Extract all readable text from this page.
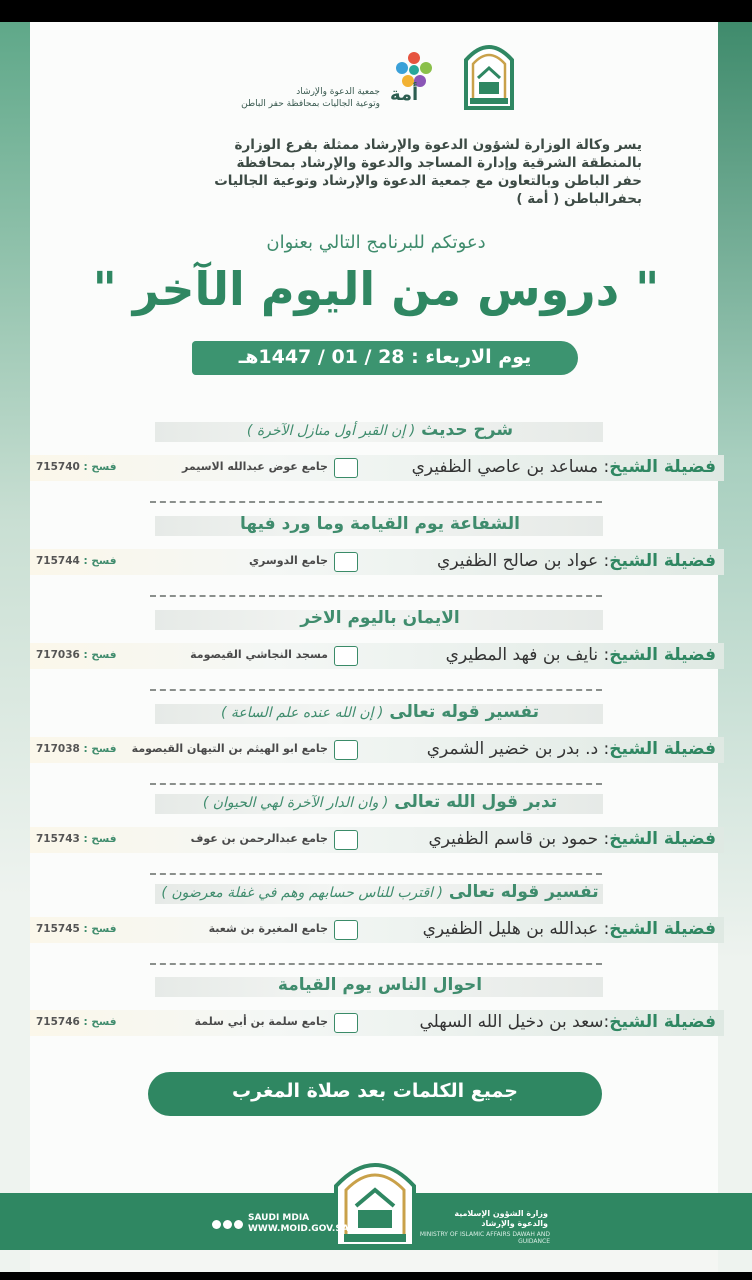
أمة
جمعية الدعوة والإرشاد
وتوعية الجاليات بمحافظة حفر الباطن
يسر وكالة الوزارة لشؤون الدعوة والإرشاد ممثلة بفرع الوزارة
بالمنطقة الشرقية وإدارة المساجد والدعوة والإرشاد بمحافظة
حفر الباطن وبالتعاون مع جمعية الدعوة والإرشاد وتوعية الجاليات
بحفرالباطن ( أمة )
دعوتكم للبرنامج التالي بعنوان
" دروس من اليوم الآخر "
يوم الاربعاء : 28 / 01 / 1447هـ
شرح حديث ( إن القبر أول منازل الآخرة )
فضيلة الشيخ: مساعد بن عاصي الظفيري
جامع عوض عبدالله الاسيمر
فسح : 715740
الشفاعة يوم القيامة وما ورد فيها
فضيلة الشيخ: عواد بن صالح الظفيري
جامع الدوسري
فسح : 715744
الايمان باليوم الاخر
فضيلة الشيخ: نايف بن فهد المطيري
مسجد النجاشي القيصومة
فسح : 717036
تفسير قوله تعالى ( إن الله عنده علم الساعة )
فضيلة الشيخ: د. بدر بن خضير الشمري
جامع ابو الهيثم بن التيهان القيصومة
فسح : 717038
تدبر قول الله تعالى ( وان الدار الآخرة لهي الحيوان )
فضيلة الشيخ: حمود بن قاسم الظفيري
جامع عبدالرحمن بن عوف
فسح : 715743
تفسير قوله تعالى ( اقترب للناس حسابهم وهم في غفلة معرضون )
فضيلة الشيخ: عبدالله بن هليل الظفيري
جامع المغيرة بن شعبة
فسح : 715745
احوال الناس يوم القيامة
فضيلة الشيخ:سعد بن دخيل الله السهلي
جامع سلمة بن أبي سلمة
فسح : 715746
جميع الكلمات بعد صلاة المغرب
SAUDI MDIA
WWW.MOID.GOV.SA
وزارة الشؤون الإسلامية والدعوة والإرشاد
MINISTRY OF ISLAMIC AFFAIRS DAWAH AND GUIDANCE
